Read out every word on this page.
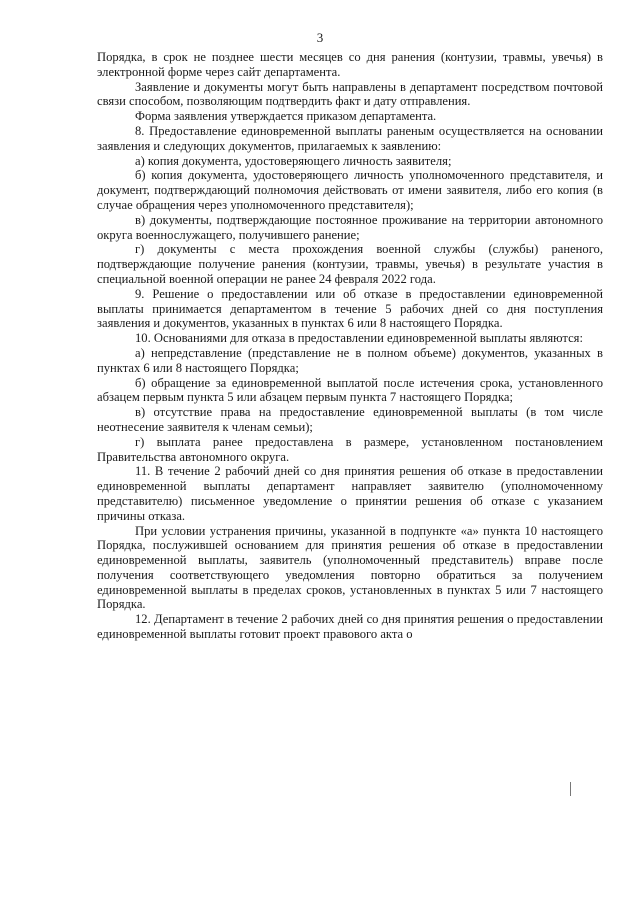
3

Порядка, в срок не позднее шести месяцев со дня ранения (контузии, травмы, увечья) в электронной форме через сайт департамента.

Заявление и документы могут быть направлены в департамент посредством почтовой связи способом, позволяющим подтвердить факт и дату отправления.

Форма заявления утверждается приказом департамента.

8. Предоставление единовременной выплаты раненым осуществляется на основании заявления и следующих документов, прилагаемых к заявлению:

а) копия документа, удостоверяющего личность заявителя;

б) копия документа, удостоверяющего личность уполномоченного представителя, и документ, подтверждающий полномочия действовать от имени заявителя, либо его копия (в случае обращения через уполномоченного представителя);

в) документы, подтверждающие постоянное проживание на территории автономного округа военнослужащего, получившего ранение;

г) документы с места прохождения военной службы (службы) раненого, подтверждающие получение ранения (контузии, травмы, увечья) в результате участия в специальной военной операции не ранее 24 февраля 2022 года.

9. Решение о предоставлении или об отказе в предоставлении единовременной выплаты принимается департаментом в течение 5 рабочих дней со дня поступления заявления и документов, указанных в пунктах 6 или 8 настоящего Порядка.

10. Основаниями для отказа в предоставлении единовременной выплаты являются:

а) непредставление (представление не в полном объеме) документов, указанных в пунктах 6 или 8 настоящего Порядка;

б) обращение за единовременной выплатой после истечения срока, установленного абзацем первым пункта 5 или абзацем первым пункта 7 настоящего Порядка;

в) отсутствие права на предоставление единовременной выплаты (в том числе неотнесение заявителя к членам семьи);

г) выплата ранее предоставлена в размере, установленном постановлением Правительства автономного округа.

11. В течение 2 рабочий дней со дня принятия решения об отказе в предоставлении единовременной выплаты департамент направляет заявителю (уполномоченному представителю) письменное уведомление о принятии решения об отказе с указанием причины отказа.

При условии устранения причины, указанной в подпункте «а» пункта 10 настоящего Порядка, послужившей основанием для принятия решения об отказе в предоставлении единовременной выплаты, заявитель (уполномоченный представитель) вправе после получения соответствующего уведомления повторно обратиться за получением единовременной выплаты в пределах сроков, установленных в пунктах 5 или 7 настоящего Порядка.

12. Департамент в течение 2 рабочих дней со дня принятия решения о предоставлении единовременной выплаты готовит проект правового акта о
